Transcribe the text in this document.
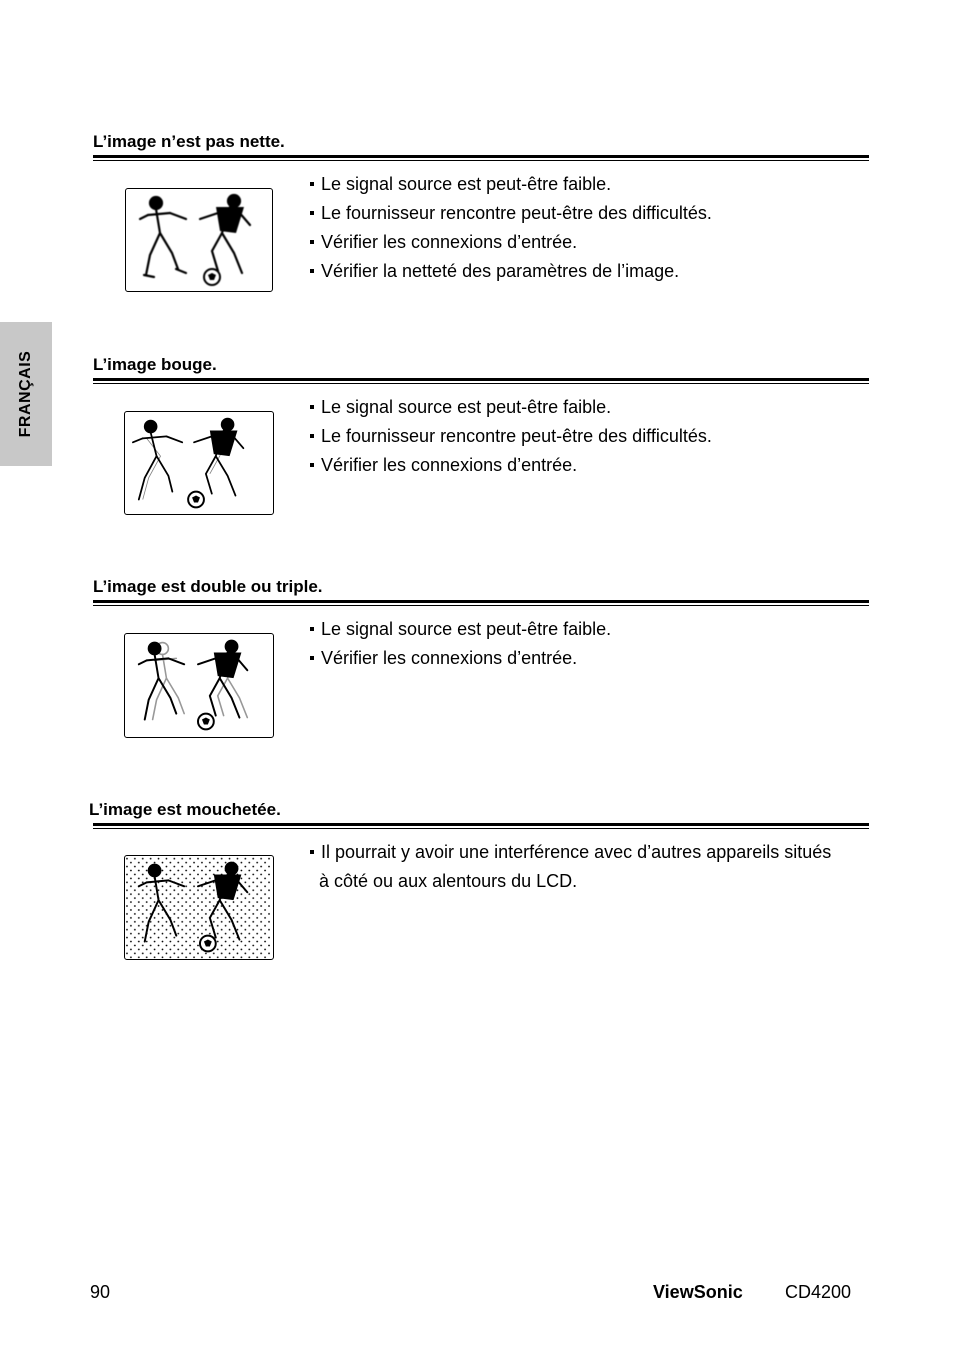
FRANÇAIS
L’image n’est pas nette.
Le signal source est peut-être faible.
Le fournisseur rencontre peut-être des difficultés.
Vérifier les connexions d’entrée.
Vérifier la netteté des paramètres de l’image.
L’image bouge.
Le signal source est peut-être faible.
Le fournisseur rencontre peut-être des difficultés.
Vérifier les connexions d’entrée.
L’image est double ou triple.
Le signal source est peut-être faible.
Vérifier les connexions d’entrée.
L’image est mouchetée.
Il pourrait y avoir une interférence avec d’autres appareils situés à côté ou aux alentours du LCD.
90	ViewSonic CD4200
